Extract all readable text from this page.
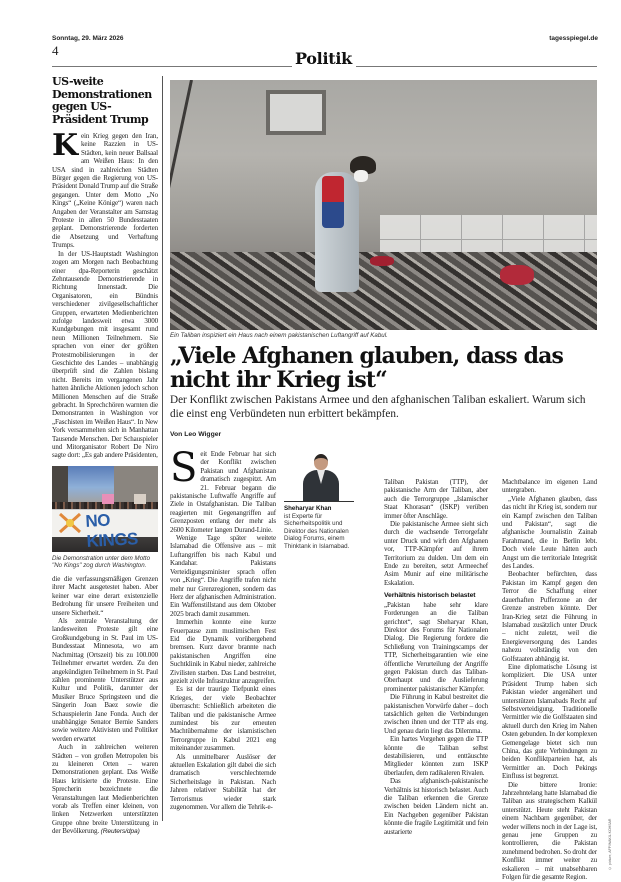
Sonntag, 29. März 2026	tagesspiegel.de
4	Politik
US-weite Demonstrationen gegen US-Präsident Trump

Kein Krieg gegen den Iran, keine Razzien in US-Städten, kein neuer Ballsaal am Weißen Haus: In den USA sind in zahlreichen Städten Bürger gegen die Regierung von US-Präsident Donald Trump auf die Straße gegangen. Unter dem Motto „No Kings“ („Keine Könige“) waren nach Angaben der Veranstalter am Samstag Proteste in allen 50 Bundesstaaten geplant. Demonstrierende forderten die Absetzung und Verhaftung Trumps.

In der US-Hauptstadt Washington zogen am Morgen nach Beobachtung einer dpa-Reporterin geschätzt Zehntausende Demonstrierende in Richtung Innenstadt. Die Organisatoren, ein Bündnis verschiedener zivilgesellschaftlicher Gruppen, erwarteten Medienberichten zufolge landesweit etwa 3000 Kundgebungen mit insgesamt rund neun Millionen Teilnehmern. Sie sprachen von einer der größten Protestmobilisierungen in der Geschichte des Landes – unabhängig überprüft sind die Zahlen bislang nicht. Bereits im vergangenen Jahr hatten ähnliche Aktionen jedoch schon Millionen Menschen auf die Straße gebracht. In Sprechchören warnten die Demonstranten in Washington vor „Faschisten im Weißen Haus“. In New York versammelten sich in Manhattan Tausende Menschen. Der Schauspieler und Mitorganisator Robert De Niro sagte dort: „Es gab andere Präsidenten,

NO KINGS
Die Demonstration unter dem Motto "No Kings" zog durch Washington.

die die verfassungsmäßigen Grenzen ihrer Macht ausgetestet haben. Aber keiner war eine derart existenzielle Bedrohung für unsere Freiheiten und unsere Sicherheit.“

Als zentrale Veranstaltung der landesweiten Proteste gilt eine Großkundgebung in St. Paul im US-Bundesstaat Minnesota, wo am Nachmittag (Ortszeit) bis zu 100.000 Teilnehmer erwartet werden. Zu den angekündigten Teilnehmern in St. Paul zählen prominente Unterstützer aus Kultur und Politik, darunter der Musiker Bruce Springsteen und die Sängerin Joan Baez sowie die Schauspielerin Jane Fonda. Auch der unabhängige Senator Bernie Sanders sowie weitere Aktivisten und Politiker werden erwartet

Auch in zahlreichen weiteren Städten – von großen Metropolen bis zu kleineren Orten – waren Demonstrationen geplant. Das Weiße Haus kritisierte die Proteste. Eine Sprecherin bezeichnete die Veranstaltungen laut Medienberichten vorab als Treffen einer kleinen, von linken Netzwerken unterstützten Gruppe ohne breite Unterstützung in der Bevölkerung. (Reuters/dpa)

Ein Taliban inspiziert ein Haus nach einem pakistanischen Luftangriff auf Kabul.
„Viele Afghanen glauben, dass das nicht ihr Krieg ist“
Der Konflikt zwischen Pakistans Armee und den afghanischen Taliban eskaliert. Warum sich die einst eng Verbündeten nun erbittert bekämpfen.
Von Leo Wigger

Seit Ende Februar hat sich der Konflikt zwischen Pakistan und Afghanistan dramatisch zugespitzt. Am 21. Februar begann die pakistanische Luftwaffe Angriffe auf Ziele in Ostafghanistan. Die Taliban reagierten mit Gegenangriffen auf Grenzposten entlang der mehr als 2600 Kilometer langen Durand-Linie.

Wenige Tage später weitete Islamabad die Offensive aus – mit Luftangriffen bis nach Kabul und Kandahar. Pakistans Verteidigungsminister sprach offen von „Krieg“. Die Angriffe trafen nicht mehr nur Grenzregionen, sondern das Herz der afghanischen Administration. Ein Waffenstillstand aus dem Oktober 2025 brach damit zusammen.

Immerhin konnte eine kurze Feuerpause zum muslimischen Fest Eid die Dynamik vorübergehend bremsen. Kurz davor brannte nach pakistanischen Angriffen eine Suchtklinik in Kabul nieder, zahlreiche Zivilisten starben. Das Land bestreitet, gezielt zivile Infrastruktur anzugreifen.

Es ist der traurige Tiefpunkt eines Krieges, der viele Beobachter überrascht: Schließlich arbeiteten die Taliban und die pakistanische Armee zumindest bis zur erneuten Machtübernahme der islamistischen Terrorgruppe in Kabul 2021 eng miteinander zusammen.

Als unmittelbarer Auslöser der aktuellen Eskalation gilt dabei die sich dramatisch verschlechternde Sicherheitslage in Pakistan. Nach Jahren relativer Stabilität hat der Terrorismus wieder stark zugenommen. Vor allem die Tehrik-e-

Sheharyar Khan
ist Experte für Sicherheitspolitik und Direktor des Nationalen Dialog Forums, einem Thinktank in Islamabad.

Taliban Pakistan (TTP), der pakistanische Arm der Taliban, aber auch die Terrorgruppe „Islamischer Staat Khorasan“ (ISKP) verüben immer öfter Anschläge.

Die pakistanische Armee sieht sich durch die wachsende Terrorgefahr unter Druck und wirft den Afghanen vor, TTP-Kämpfer auf ihrem Territorium zu dulden. Um dem ein Ende zu bereiten, setzt Armeechef Asim Munir auf eine militärische Eskalation.

Verhältnis historisch belastet

„Pakistan habe sehr klare Forderungen an die Taliban gerichtet“, sagt Sheharyar Khan, Direktor des Forums für Nationalen Dialog. Die Regierung fordere die Schließung von Trainingscamps der TTP, Sicherheitsgarantien wie eine öffentliche Verurteilung der Angriffe gegen Pakistan durch das Taliban-Oberhaupt und die Auslieferung prominenter pakistanischer Kämpfer.

Die Führung in Kabul bestreitet die pakistanischen Vorwürfe daher – doch tatsächlich gelten die Verbindungen zwischen ihnen und der TTP als eng. Und genau darin liegt das Dilemma.

Ein hartes Vorgehen gegen die TTP könnte die Taliban selbst destabilisieren, und enttäuschte Mitglieder könnten zum ISKP überlaufen, dem radikaleren Rivalen.

Das afghanisch-pakistanische Verhältnis ist historisch belastet. Auch die Taliban erkennen die Grenze zwischen beiden Ländern nicht an. Ein Nachgeben gegenüber Pakistan könnte die fragile Legitimität und fein austarierte

Machtbalance im eigenen Land untergraben.

„Viele Afghanen glauben, dass das nicht ihr Krieg ist, sondern nur ein Kampf zwischen den Taliban und Pakistan“, sagt die afghanische Journalistin Zainab Farahmand, die in Berlin lebt. Doch viele Leute hätten auch Angst um die territoriale Integrität des Landes.

Beobachter befürchten, dass Pakistan im Kampf gegen den Terror die Schaffung einer dauerhaften Pufferzone an der Grenze anstreben könnte. Der Iran-Krieg setzt die Führung in Islamabad zusätzlich unter Druck – nicht zuletzt, weil die Energieversorgung des Landes nahezu vollständig von den Golfstaaten abhängig ist.

Eine diplomatische Lösung ist kompliziert. Die USA unter Präsident Trump haben sich Pakistan wieder angenähert und unterstützen Islamabads Recht auf Selbstverteidigung. Traditionelle Vermittler wie die Golfstaaten sind aktuell durch den Krieg im Nahen Osten gebunden. In der komplexen Gemengelage bietet sich nun China, das gute Verbindungen zu beiden Konfliktparteien hat, als Vermittler an. Doch Pekings Einfluss ist begrenzt.

Die bittere Ironie: Jahrzehntelang hatte Islamabad die Taliban aus strategischem Kalkül unterstützt. Heute steht Pakistan einem Nachbarn gegenüber, der weder willens noch in der Lage ist, genau jene Gruppen zu kontrollieren, die Pakistan zunehmend bedrohen. So droht der Konflikt immer weiter zu eskalieren – mit unabsehbaren Folgen für die gesamte Region.

© picture, AFP/WAKIL KOHSAR
